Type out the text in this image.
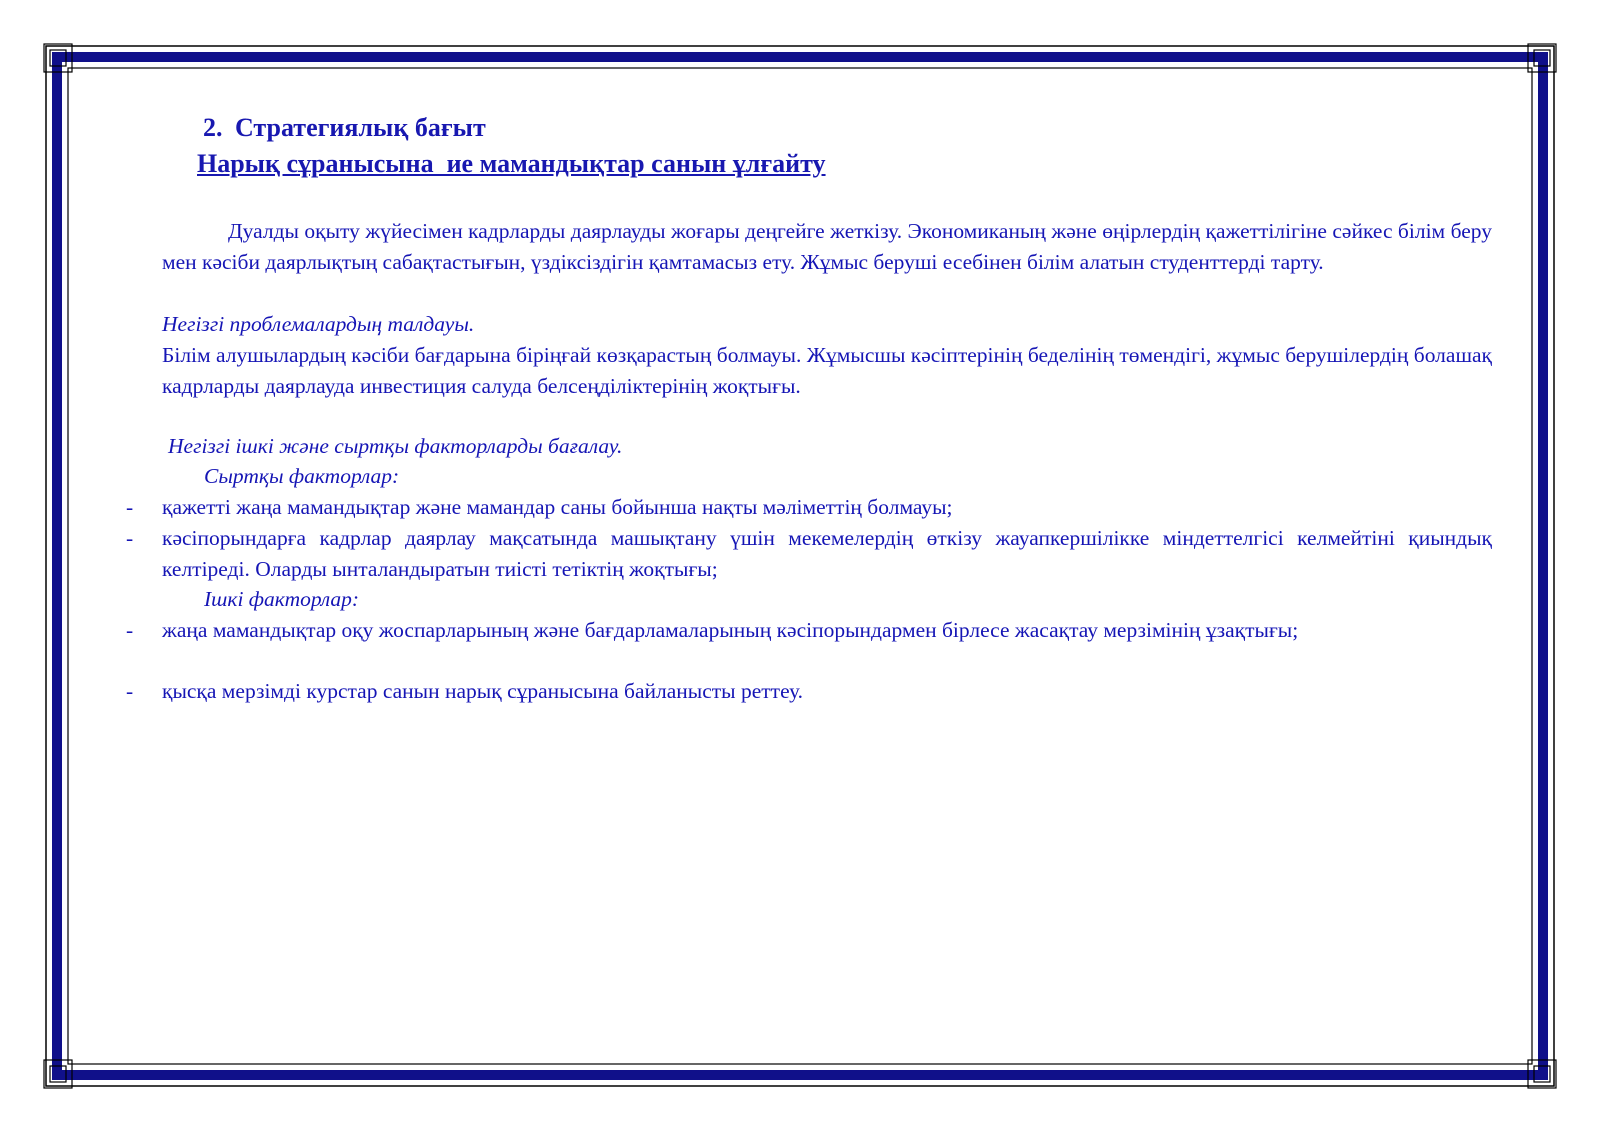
2. Стратегиялық бағыт
Нарық сұранысына  ие мамандықтар санын ұлғайту

Дуалды оқыту жүйесімен кадрларды даярлауды жоғары деңгейге жеткізу. Экономиканың және өңірлердің қажеттілігіне сәйкес білім беру мен кәсіби даярлықтың сабақтастығын, үздіксіздігін қамтамасыз ету. Жұмыс беруші есебінен білім алатын студенттерді тарту.

Негізгі проблемалардың талдауы.

Білім алушылардың кәсіби бағдарына біріңғай көзқарастың болмауы. Жұмысшы кәсіптерінің беделінің төмендігі, жұмыс берушілердің болашақ кадрларды даярлауда инвестиция салуда белсеңділіктерінің жоқтығы.

Негізгі ішкі және сыртқы факторларды бағалау.
Сыртқы факторлар:
- қажетті жаңа мамандықтар және мамандар саны бойынша нақты мәліметтің болмауы;

- кәсіпорындарға кадрлар даярлау мақсатында машықтану үшін мекемелердің өткізу жауапкершілікке міндеттелгісі келмейтіні қиындық келтіреді. Оларды ынталандыратын тиісті тетіктің жоқтығы;

Ішкі факторлар:
- жаңа мамандықтар оқу жоспарларының және бағдарламаларының кәсіпорындармен бірлесе жасақтау мерзімінің ұзақтығы;

- қысқа мерзімді курстар санын нарық сұранысына байланысты реттеу.
